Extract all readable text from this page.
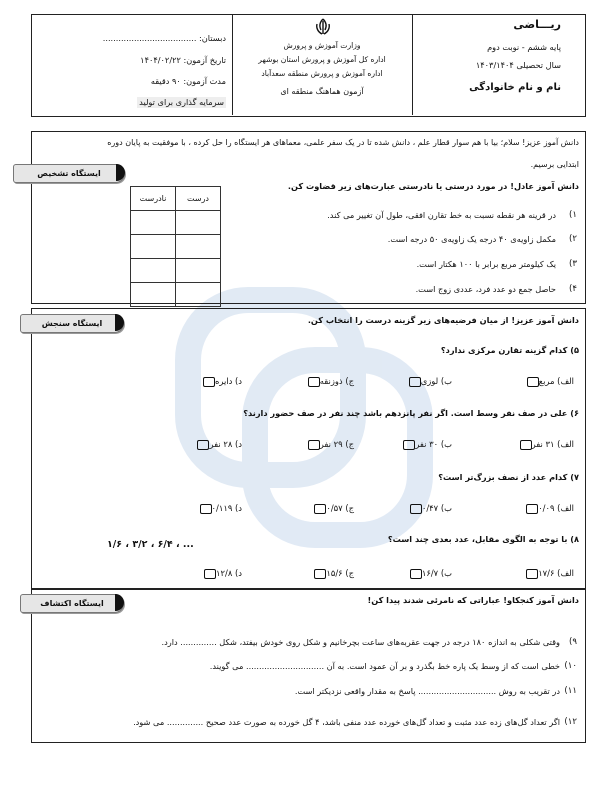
ریـــاضی
پایه ششم - نوبت دوم
سال تحصیلی ۱۴۰۳/۱۴۰۴
نام و نام خانوادگی
وزارت آموزش و پرورش
اداره کل آموزش و پرورش استان بوشهر
اداره آموزش و پرورش منطقه سعدآباد
آزمون هماهنگ منطقه ای
دبستان: ....................................
تاریخ آزمون: ۱۴۰۴/۰۲/۲۲
مدت آزمون: ۹۰ دقیقه
سرمایه گذاری برای تولید
دانش آموز عزیز! سلام؛ بیا با هم سوار قطار علم ، دانش شده تا در یک سفر علمی، معماهای هر ایستگاه را حل کرده ، با موفقیت به پایان دوره
ابتدایی برسیم.
ایستگاه تشخیص
دانش آموز عادل! در مورد درستی یا نادرستی عبارت‌های زیر قضاوت کن.
درست	نادرست

۱)
در قرینه هر نقطه نسبت به خط تقارن افقی، طول آن تغییر می کند.
۲)
مکمل زاویه‌ی ۴۰ درجه یک زاویه‌ی ۵۰ درجه است.
۳)
یک کیلومتر مربع برابر با ۱۰۰ هکتار است.
۴)
حاصل جمع دو عدد فرد، عددی زوج است.
ایستگاه سنجش	دانش آموز عزیز! از میان فرضیه‌های زیر گزینه درست را انتخاب کن.
۵) کدام گزینه تقارن مرکزی ندارد؟
الف) مربع
ب) لوزی
ج) ذوزنقه
د) دایره
۶) علی در صف نفر وسط است. اگر نفر پانزدهم باشد چند نفر در صف حضور دارند؟
الف) ۳۱ نفر
ب) ۳۰ نفر
ج) ۲۹ نفر
د) ۲۸ نفر
۷) کدام عدد از نصف بزرگ‌تر است؟
الف) ۰/۰۹
ب) ۰/۴۷
ج) ۰/۵۷
د) ۰/۱۱۹
۸) با توجه به الگوی مقابل، عدد بعدی چند است؟
... ، ۶/۴ ، ۳/۲ ، ۱/۶
الف) ۱۷/۶
ب) ۱۶/۷
ج) ۱۵/۶
د) ۱۲/۸
ایستگاه اکتشاف	دانش آموز کنجکاو! عباراتی که نامرئی شدند پیدا کن!
۹)
وقتی شکلی به اندازه ۱۸۰ درجه در جهت عقربه‌های ساعت بچرخانیم و شکل روی خودش بیفتد، شکل .............. دارد.
۱۰)
خطی است که از وسط یک پاره خط بگذرد و بر آن عمود است. به آن .............................. می گویند.
۱۱)
در تقریب به روش .............................. پاسخ به مقدار واقعی نزدیکتر است.
۱۲)
اگر تعداد گل‌های زده عدد مثبت و تعداد گل‌های خورده عدد منفی باشد، ۴ گل خورده به صورت عدد صحیح .............. می شود.
